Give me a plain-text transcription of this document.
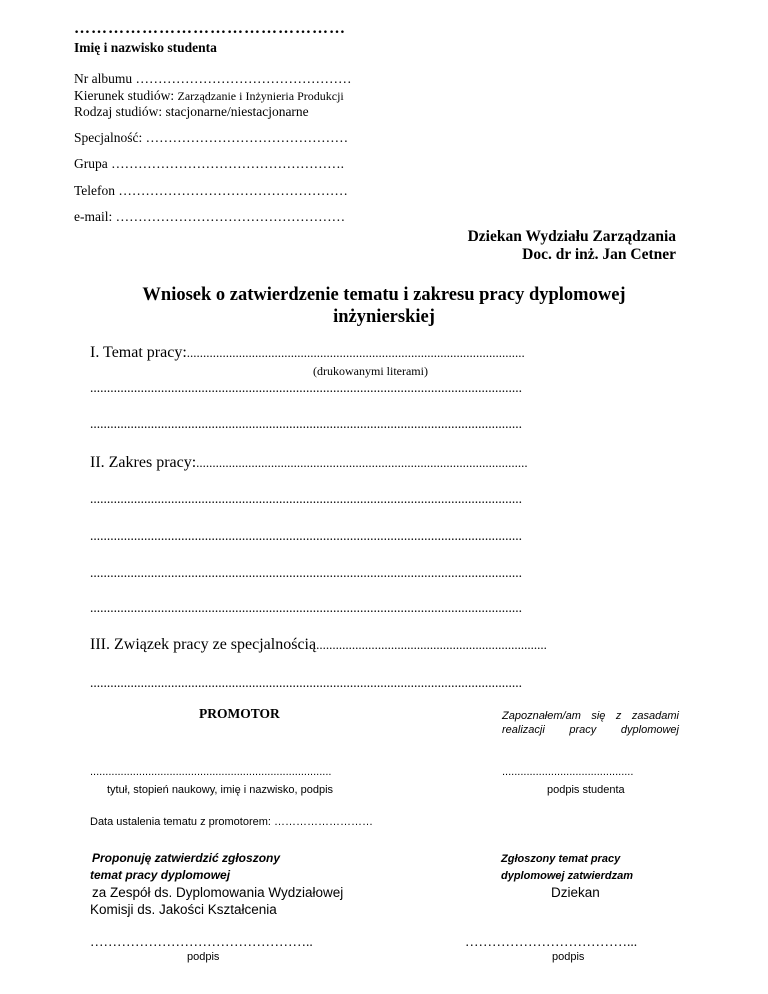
…………………………………………
Imię i nazwisko studenta
Nr albumu …………………………………………
Kierunek studiów: Zarządzanie i Inżynieria Produkcji
Rodzaj studiów: stacjonarne/niestacjonarne
Specjalność: ………………………………………
Grupa …………………………………………….
Telefon ……………………………………………
e-mail: ……………………………………………
Dziekan Wydziału Zarządzania
Doc. dr inż. Jan Cetner
Wniosek o zatwierdzenie tematu i zakresu pracy dyplomowej
inżynierskiej
I. Temat pracy:........................................................................................................
(drukowanymi literami)
................................................................................................................................
................................................................................................................................
II. Zakres pracy:......................................................................................................
................................................................................................................................
................................................................................................................................
................................................................................................................................
................................................................................................................................
III. Związek pracy ze specjalnością.......................................................................
................................................................................................................................
PROMOTOR
...............................................................................
tytuł, stopień naukowy, imię i nazwisko, podpis
Data ustalenia tematu z promotorem: ………………………
Zapoznałem/am się z zasadami
realizacji pracy dyplomowej
...........................................
podpis studenta
Proponuję zatwierdzić zgłoszony
temat pracy dyplomowej
za Zespół ds. Dyplomowania Wydziałowej
Komisji ds. Jakości Kształcenia
…………………………………………..
podpis
Zgłoszony temat pracy
dyplomowej zatwierdzam
Dziekan
………………………………...
podpis
